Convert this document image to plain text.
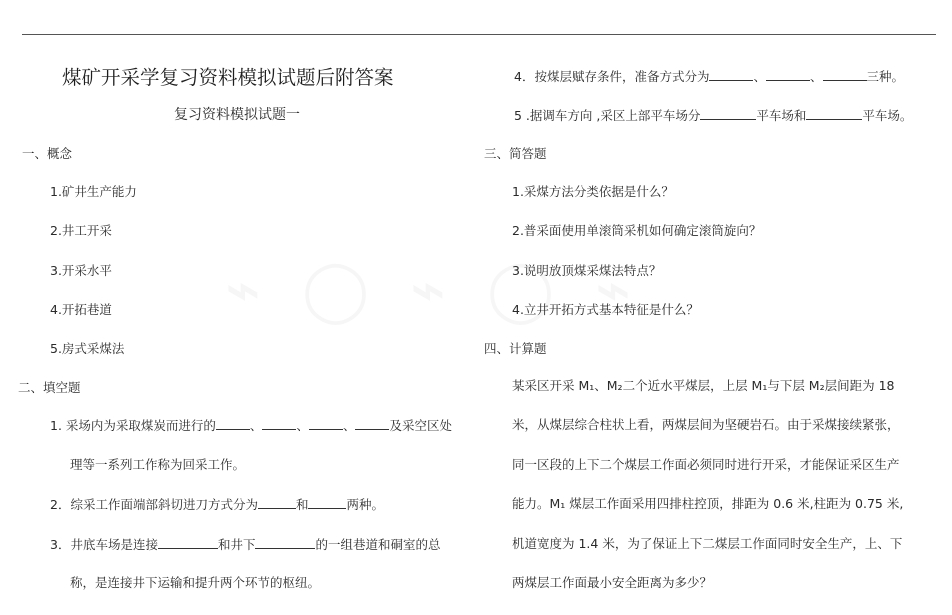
煤矿开采学复习资料模拟试题后附答案
复习资料模拟试题一
一、概念
1.矿井生产能力
2.井工开采
3.开采水平
4.开拓巷道
5.房式采煤法
二、填空题
1. 采场内为采取煤炭而进行的	、	、	、	及采空区处
理等一系列工作称为回采工作。
2．综采工作面端部斜切进刀方式分为	和	两种。
3．井底车场是连接	和井下	的一组巷道和硐室的总
称，是连接井下运输和提升两个环节的枢纽。
4．按煤层赋存条件，准备方式分为	、	、	三种。
5 .据调车方向 ,采区上部平车场分	平车场和	平车场。
三、简答题
1.采煤方法分类依据是什么？
2.普采面使用单滚筒采机如何确定滚筒旋向？
3.说明放顶煤采煤法特点？
4.立井开拓方式基本特征是什么？
四、计算题
某采区开采 M₁、M₂二个近水平煤层，上层 M₁与下层 M₂层间距为 18
米，从煤层综合柱状上看，两煤层间为坚硬岩石。由于采煤接续紧张，
同一区段的上下二个煤层工作面必须同时进行开采，才能保证采区生产
能力。M₁ 煤层工作面采用四排柱控顶，排距为 0.6 米,柱距为 0.75 米,
机道宽度为 1.4 米，为了保证上下二煤层工作面同时安全生产，上、下
两煤层工作面最小安全距离为多少？
